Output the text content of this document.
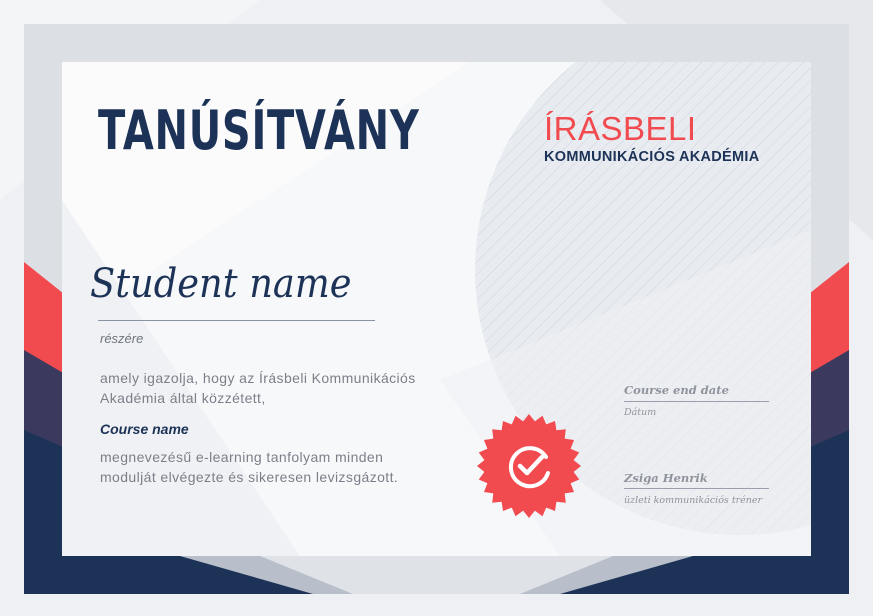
TANÚSÍTVÁNY	ÍRÁSBELI
KOMMUNIKÁCIÓS AKADÉMIA
Student name
részére
amely igazolja, hogy az Írásbeli Kommunikációs Akadémia által közzétett,
Course name
megnevezésű e-learning tanfolyam minden modulját elvégezte és sikeresen levizsgázott.
Course end date
Dátum
Zsiga Henrik
üzleti kommunikációs tréner
